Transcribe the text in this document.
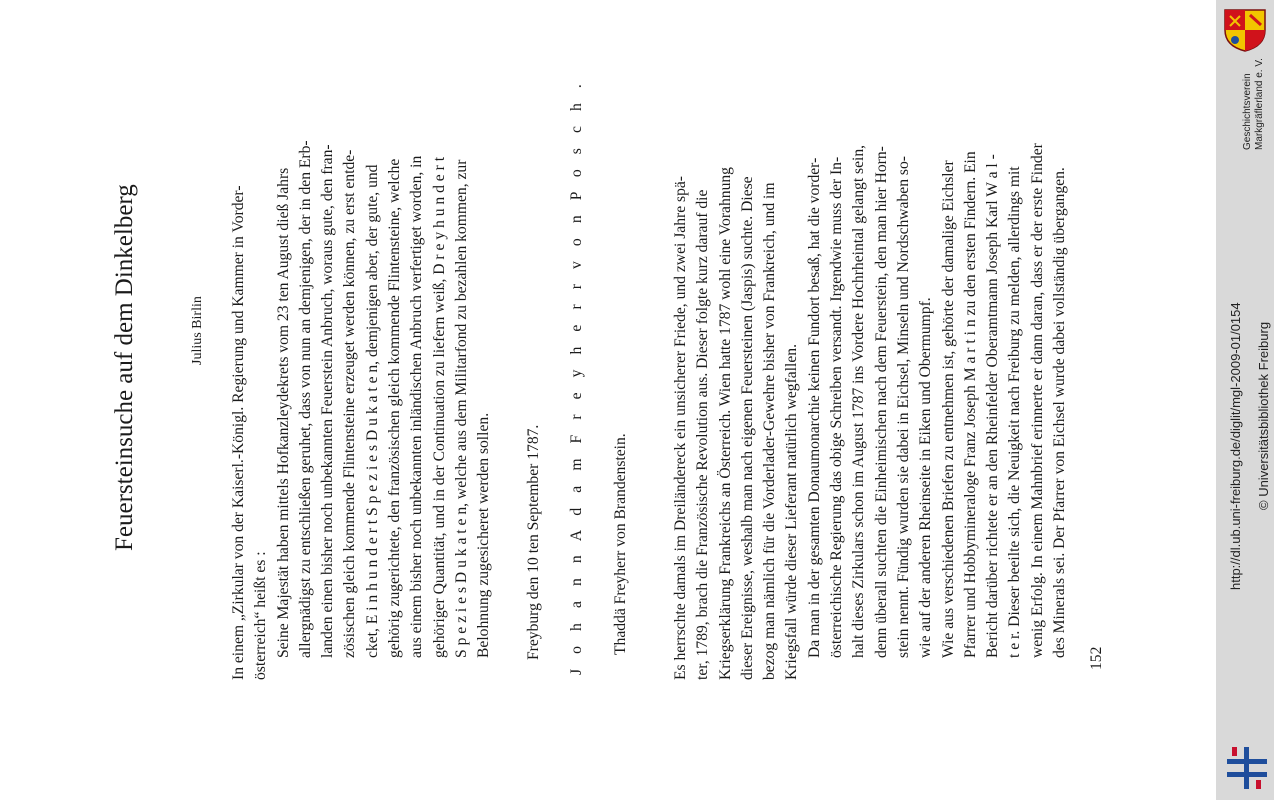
Feuersteinsuche auf dem Dinkelberg	Julius Birlin In einem „Zirkular von der Kaiserl.-Königl. Regierung und Kammer in Vorder- österreich“ heißt es : Seine Majestät haben mittels Hofkanzleydekrets vom 23 ten August dieß Jahrs allergnädigst zu entschließen geruhet, dass von nun an demjenigen, der in den Erb- landen einen bisher noch unbekannten Feuerstein Anbruch, woraus gute, den fran- zösischen gleich kommende Flintensteine erzeuget werden können, zu erst entde- cket, E i n h u n d e r t S p e z i e s D u k a t e n, demjenigen aber, der gute, und gehörig zugerichtete, den französischen gleich kommende Flintensteine, welche aus einem bisher noch unbekannten inländischen Anbruch verfertiget worden, in gehöriger Quantität, und in der Continuation zu liefern weiß, D r e y h u n d e r t S p e z i e s D u k a t e n, welche aus dem Militarfond zu bezahlen kommen, zur Belohnung zugesicheret werden sollen. Freyburg den 10 ten September 1787. J o h a n n A d a m F r e y h e r r v o n P o s c h . Thaddä Freyherr von Brandenstein.	Es herrschte damals im Dreiländereck ein unsicherer Friede, und zwei Jahre spä- ter, 1789, brach die Französische Revolution aus. Dieser folgte kurz darauf die Kriegserklärung Frankreichs an Österreich. Wien hatte 1787 wohl eine Vorahnung dieser Ereignisse, weshalb man nach eigenen Feuersteinen (Jaspis) suchte. Diese bezog man nämlich für die Vorderlader-Gewehre bisher von Frankreich, und im Kriegsfall würde dieser Lieferant natürlich wegfallen. Da man in der gesamten Donaumonarchie keinen Fundort besaß, hat die vorder- österreichische Regierung das obige Schreiben versandt. Irgendwie muss der In- halt dieses Zirkulars schon im August 1787 ins Vordere Hochrheintal gelangt sein, denn überall suchten die Einheimischen nach dem Feuerstein, den man hier Horn- stein nennt. Fündig wurden sie dabei in Eichsel, Minseln und Nordschwaben so- wie auf der anderen Rheinseite in Eiken und Obermumpf. Wie aus verschiedenen Briefen zu entnehmen ist, gehörte der damalige Eichsler Pfarrer und Hobbymineraloge Franz Joseph M a r t i n zu den ersten Findern. Ein Bericht darüber richtete er an den Rheinfelder Oberamtmann Joseph Karl W a l - t e r. Dieser beeilte sich, die Neuigkeit nach Freiburg zu melden, allerdings mit wenig Erfolg. In einem Mahnbrief erinnerte er dann daran, dass er der erste Finder des Minerals sei. Der Pfarrer von Eichsel wurde dabei vollständig übergangen.

152
http://dl.ub.uni-freiburg.de/diglit/mgl-2009-01/0154 © Universitätsbibliothek Freiburg
Geschichtsverein Markgräflerland e. V.
